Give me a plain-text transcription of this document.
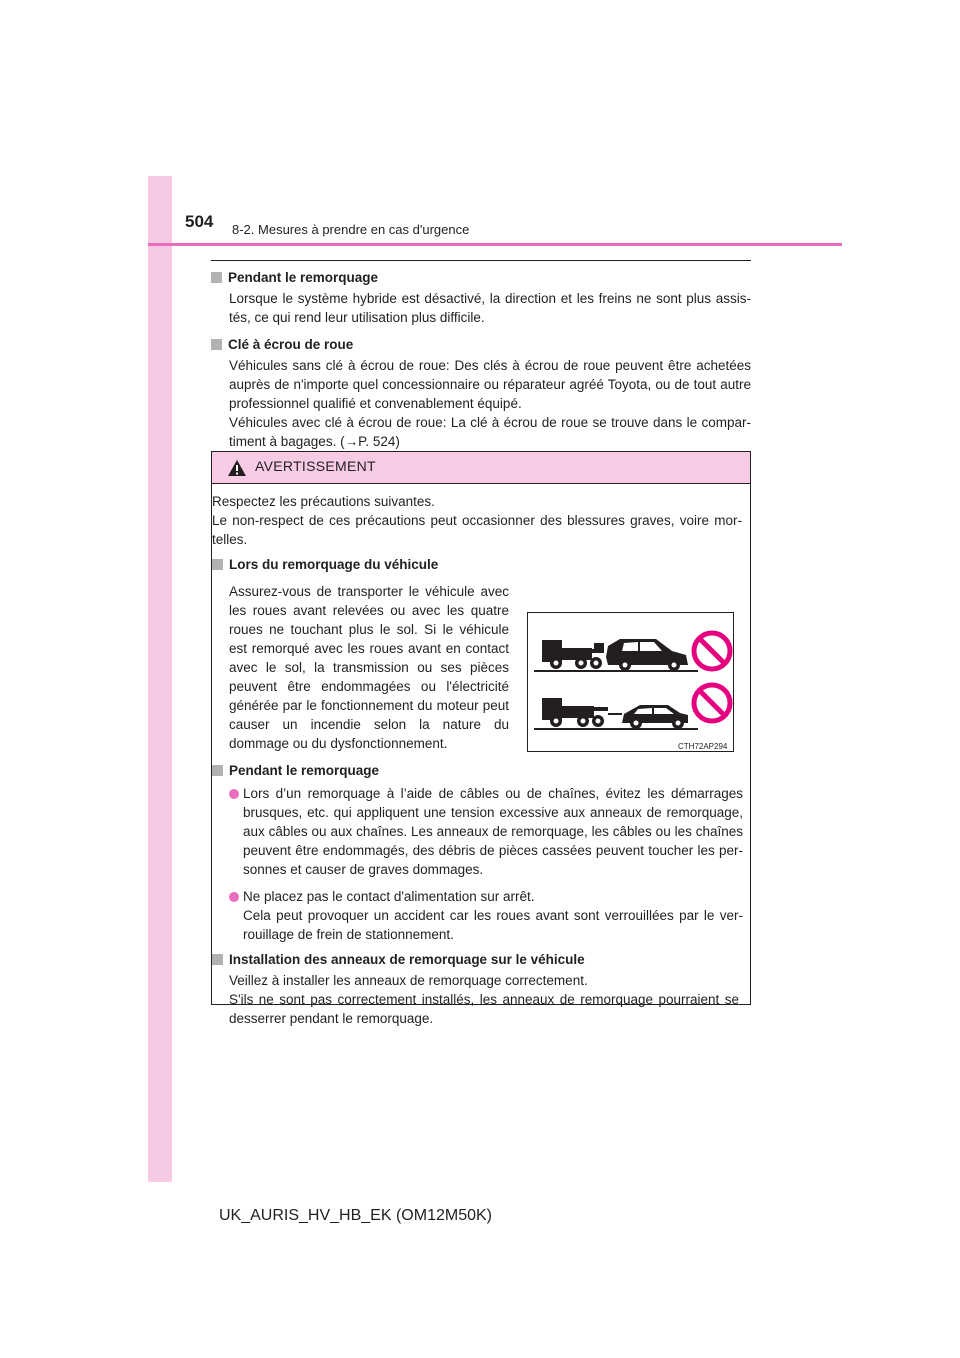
504 8-2. Mesures à prendre en cas d'urgence

Pendant le remorquage

Lorsque le système hybride est désactivé, la direction et les freins ne sont plus assis-tés, ce qui rend leur utilisation plus difficile.

Clé à écrou de roue

Véhicules sans clé à écrou de roue: Des clés à écrou de roue peuvent être achetées auprès de n'importe quel concessionnaire ou réparateur agréé Toyota, ou de tout autre professionnel qualifié et convenablement équipé.
Véhicules avec clé à écrou de roue: La clé à écrou de roue se trouve dans le compar-timent à bagages. (→P. 524)
AVERTISSEMENT

Respectez les précautions suivantes.

Le non-respect de ces précautions peut occasionner des blessures graves, voire mor-telles.

Lors du remorquage du véhicule

Assurez-vous de transporter le véhicule avec les roues avant relevées ou avec les quatre roues ne touchant plus le sol. Si le véhicule est remorqué avec les roues avant en contact avec le sol, la transmission ou ses pièces peuvent être endommagées ou l'électricité générée par le fonctionnement du moteur peut causer un incendie selon la nature du dommage ou du dysfonctionnement.	CTH72AP294

Pendant le remorquage

Lors d’un remorquage à l’aide de câbles ou de chaînes, évitez les démarrages brusques, etc. qui appliquent une tension excessive aux anneaux de remorquage, aux câbles ou aux chaînes. Les anneaux de remorquage, les câbles ou les chaînes peuvent être endommagés, des débris de pièces cassées peuvent toucher les per-sonnes et causer de graves dommages.
Ne placez pas le contact d'alimentation sur arrêt.
Cela peut provoquer un accident car les roues avant sont verrouillées par le ver-rouillage de frein de stationnement.

Installation des anneaux de remorquage sur le véhicule

Veillez à installer les anneaux de remorquage correctement.
S'ils ne sont pas correctement installés, les anneaux de remorquage pourraient se desserrer pendant le remorquage.
UK_AURIS_HV_HB_EK (OM12M50K)
